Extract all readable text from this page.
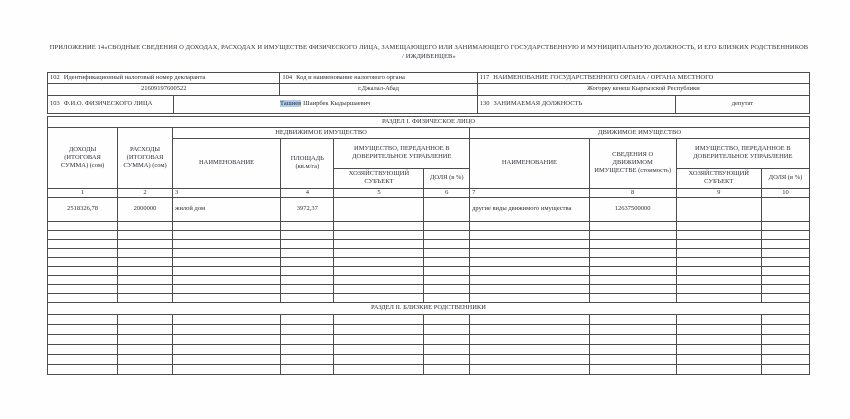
ПРИЛОЖЕНИЕ 14«СВОДНЫЕ СВЕДЕНИЯ О ДОХОДАХ, РАСХОДАХ И ИМУЩЕСТВЕ ФИЗИЧЕСКОГО ЛИЦА, ЗАМЕЩАЮЩЕГО ИЛИ ЗАНИМАЮЩЕГО ГОСУДАРСТВЕННУЮ И МУНИЦИПАЛЬНУЮ ДОЛЖНОСТЬ, И ЕГО БЛИЗКИХ РОДСТВЕННИКОВ / ИЖДИВЕНЦЕВ»
102 Идентификационный налоговый номер декларанта		104 Код и наименование налогового органа	117 НАИМЕНОВАНИЕ ГОСУДАРСТВЕННОГО ОРГАНА / ОРГАНА МЕСТНОГО	
21609197600522		г.Джалал-Абад	Жогорку кенеш Кыргызской Республики	
103 Ф.И.О. ФИЗИЧЕСКОГО ЛИЦА	Ташиев Шаирбек Кыдыршаевич		130 ЗАНИМАЕМАЯ ДОЛЖНОСТЬ	депутат
РАЗДЕЛ I. ФИЗИЧЕСКОЕ ЛИЦО									
ДОХОДЫ (ИТОГОВАЯ СУММА) (сом)	РАСХОДЫ (ИТОГОВАЯ СУММА) (сом)	НЕДВИЖИМОЕ ИМУЩЕСТВО				ДВИЖИМОЕ ИМУЩЕСТВО			
		НАИМЕНОВАНИЕ	ПЛОЩАДЬ (кв.м/га)	ИМУЩЕСТВО, ПЕРЕДАННОЕ В ДОВЕРИТЕЛЬНОЕ УПРАВЛЕНИЕ		НАИМЕНОВАНИЕ	СВЕДЕНИЯ О ДВИЖИМОМ ИМУЩЕСТВЕ (стоимость)	ИМУЩЕСТВО, ПЕРЕДАННОЕ В ДОВЕРИТЕЛЬНОЕ УПРАВЛЕНИЕ	
				ХОЗЯЙСТВУЮЩИЙ СУБЪЕКТ	ДОЛЯ (в %)			ХОЗЯЙСТВУЮЩИЙ СУБЪЕКТ	ДОЛЯ (в %)
1	2	3	4	5	6	7	8	9	10
2518326,78	2000000	жилой дом	3972,37			другие виды движимого имущества	12637500000		

РАЗДЕЛ II. БЛИЗКИЕ РОДСТВЕННИКИ									
